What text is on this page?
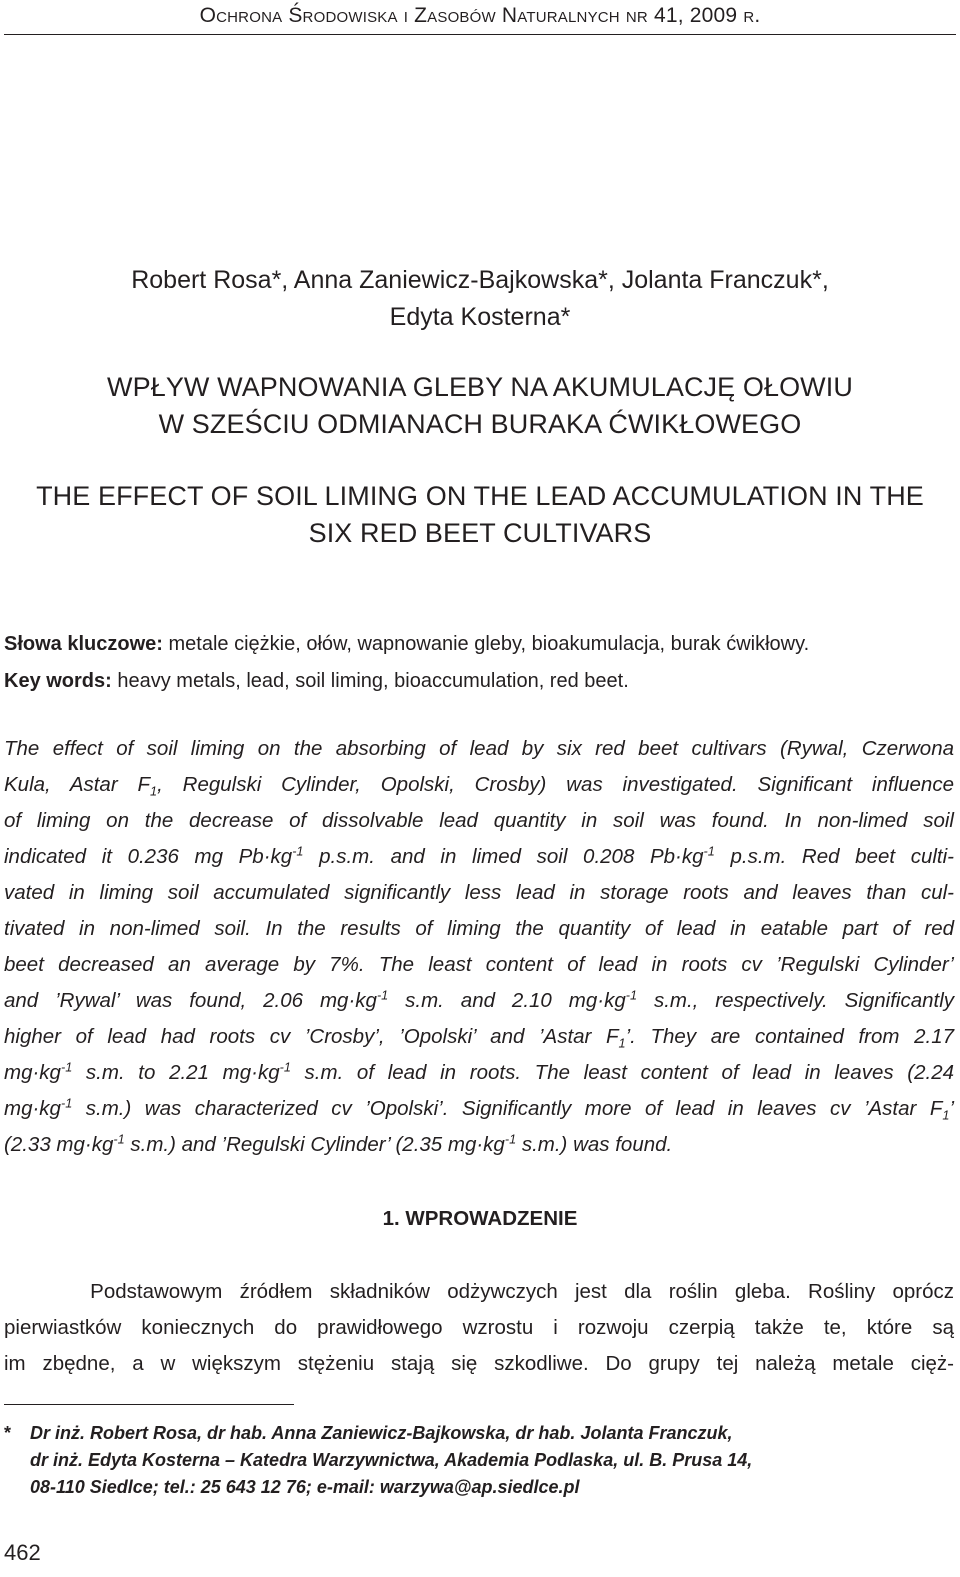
Ochrona Środowiska i Zasobów Naturalnych nr 41, 2009 r.
Robert Rosa*, Anna Zaniewicz-Bajkowska*, Jolanta Franczuk*,
Edyta Kosterna*
WPŁYW WAPNOWANIA GLEBY NA AKUMULACJĘ OŁOWIU
W SZEŚCIU ODMIANACH BURAKA ĆWIKŁOWEGO
THE EFFECT OF SOIL LIMING ON THE LEAD ACCUMULATION IN THE
SIX RED BEET CULTIVARS
Słowa kluczowe: metale ciężkie, ołów, wapnowanie gleby, bioakumulacja, burak ćwikłowy.
Key words: heavy metals, lead, soil liming, bioaccumulation, red beet.
The effect of soil liming on the absorbing of lead by six red beet cultivars (Rywal, Czerwona
Kula, Astar $F_1$, Regulski Cylinder, Opolski, Crosby) was investigated. Significant influence
of liming on the decrease of dissolvable lead quantity in soil was found. In non-limed soil
indicated it 0.236 mg $Pb\cdot kg^{-1}$ p.s.m. and in limed soil 0.208 $Pb\cdot kg^{-1}$ p.s.m. Red beet culti-
vated in liming soil accumulated significantly less lead in storage roots and leaves than cul-
tivated in non-limed soil. In the results of liming the quantity of lead in eatable part of red
beet decreased an average by 7%. The least content of lead in roots cv ’Regulski Cylinder’
and ’Rywal’ was found, 2.06 $mg\cdot kg^{-1}$ s.m. and 2.10 $mg\cdot kg^{-1}$ s.m., respectively. Significantly
higher of lead had roots cv ’Crosby’, ’Opolski’ and ’Astar $F_1$’. They are contained from 2.17
$mg\cdot kg^{-1}$ s.m. to 2.21 $mg\cdot kg^{-1}$ s.m. of lead in roots. The least content of lead in leaves (2.24
$mg\cdot kg^{-1}$ s.m.) was characterized cv ’Opolski’. Significantly more of lead in leaves cv ’Astar $F_1$’
(2.33 $mg\cdot kg^{-1}$ s.m.) and ’Regulski Cylinder’ (2.35 $mg\cdot kg^{-1}$ s.m.) was found.
1. WPROWADZENIE
Podstawowym źródłem składników odżywczych jest dla roślin gleba. Rośliny oprócz
pierwiastków koniecznych do prawidłowego wzrostu i rozwoju czerpią także te, które są
im zbędne, a w większym stężeniu stają się szkodliwe. Do grupy tej należą metale cięż-
*	Dr inż. Robert Rosa, dr hab. Anna Zaniewicz-Bajkowska, dr hab. Jolanta Franczuk,
dr inż. Edyta Kosterna – Katedra Warzywnictwa, Akademia Podlaska, ul. B. Prusa 14,
08-110 Siedlce; tel.: 25 643 12 76; e-mail: warzywa@ap.siedlce.pl
462
